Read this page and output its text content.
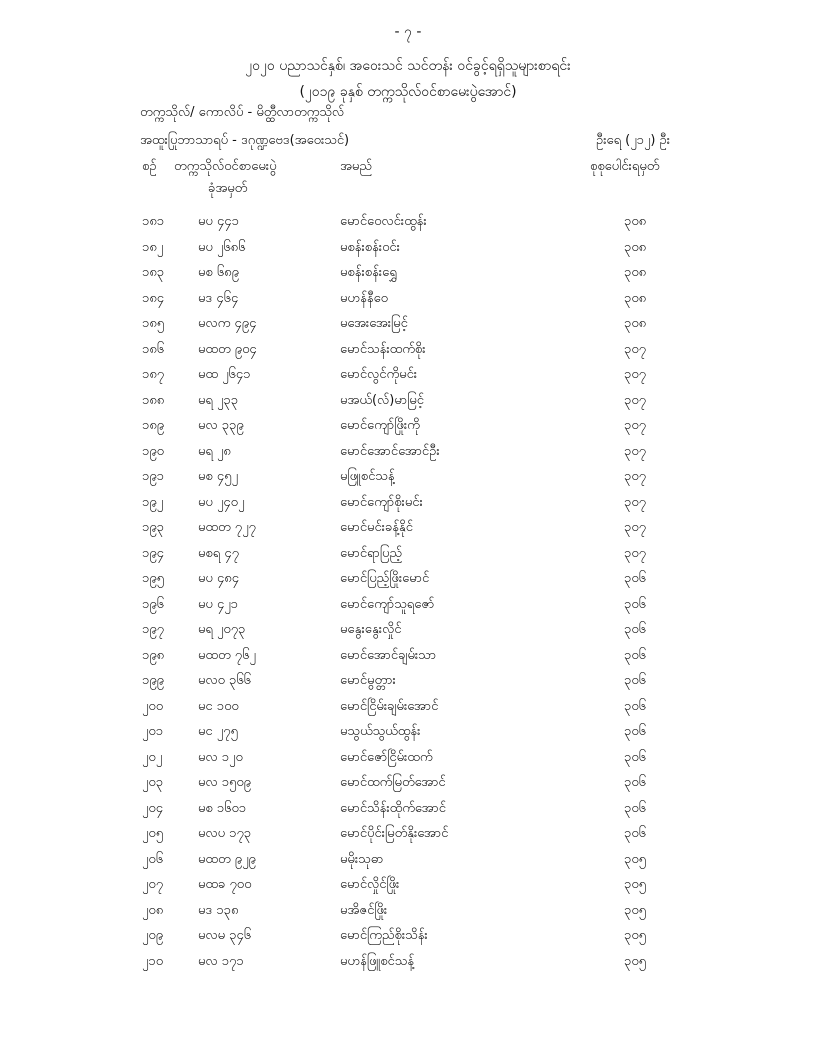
- ၇ -
၂၀၂၀ ပညာသင်နှစ်၊ အဝေးသင် သင်တန်း ဝင်ခွင့်ရရှိသူများစာရင်း
(၂၀၁၉ ခုနှစ် တက္ကသိုလ်ဝင်စာမေးပွဲအောင်)
တက္ကသိုလ်/ ကောလိပ် - မိတ္ထီလာတက္ကသိုလ်
အထူးပြုဘာသာရပ် - ဒဂုဏ္ဍဗေဒ(အဝေးသင်)	ဦးရေ (၂၁၂) ဦး
စဉ် တက္ကသိုလ်ဝင်စာမေးပွဲ
ခုံအမှတ်
အမည်	စုစုပေါင်းရမှတ်
၁၈၁	မပ ၄၄၁	မောင်ဝေလင်းထွန်း	၃၀၈
၁၈၂	မပ ၂၆၈၆	မစန်းစန်းဝင်း	၃၀၈
၁၈၃	မစ ၆၈၉	မစန်းစန်းရွှေ	၃၀၈
၁၈၄	မဒ ၄၆၄	မဟန်နီဝေ	၃၀၈
၁၈၅	မလက ၄၉၄	မအေးအေးမြင့်	၃၀၈
၁၈၆	မထတ ၉၀၄	မောင်သန်းထက်စိုး	၃၀၇
၁၈၇	မထ ၂၆၄၁	မောင်လွင်ကိုမင်း	၃၀၇
၁၈၈	မရ ၂၃၃	မအယ်(လ်)မာမြင့်	၃၀၇
၁၈၉	မလ ၃၃၉	မောင်ကျော်ဖြိုးကို	၃၀၇
၁၉၀	မရ ၂၈	မောင်အောင်အောင်ဦး	၃၀၇
၁၉၁	မစ ၄၅၂	မဖြူစင်သန့်	၃၀၇
၁၉၂	မပ ၂၄၀၂	မောင်ကျော်စိုးမင်း	၃၀၇
၁၉၃	မထတ ၇၂၇	မောင်မင်းခန့်နိုင်	၃၀၇
၁၉၄	မစရ ၄၇	မောင်ရာပြည့်	၃၀၇
၁၉၅	မပ ၄၈၄	မောင်ပြည့်ဖြိုးမောင်	၃၀၆
၁၉၆	မပ ၄၂၁	မောင်ကျော်သူရဇော်	၃၀၆
၁၉၇	မရ ၂၀၇၃	မနွေးနွေးလှိုင်	၃၀၆
၁၉၈	မထတ ၇၆၂	မောင်အောင်ချမ်းသာ	၃၀၆
၁၉၉	မလဝ ၃၆၆	မောင်မွတ္တား	၃၀၆
၂၀၀	မင ၁၀၀	မောင်ငြိမ်းချမ်းအောင်	၃၀၆
၂၀၁	မင ၂၇၅	မသွယ်သွယ်ထွန်း	၃၀၆
၂၀၂	မလ ၁၂၀	မောင်ဇော်ငြိမ်းထက်	၃၀၆
၂၀၃	မလ ၁၅၀၉	မောင်ထက်မြတ်အောင်	၃၀၆
၂၀၄	မစ ၁၆၀၁	မောင်သိန်းထိုက်အောင်	၃၀၆
၂၀၅	မလပ ၁၇၃	မောင်ပိုင်းမြတ်နိုးအောင်	၃၀၆
၂၀၆	မထတ ၉၂၉	မမိုးသုဓာ	၃၀၅
၂၀၇	မထခ ၇၀၀	မောင်လှိုင်ဖြိုး	၃၀၅
၂၀၈	မဒ ၁၃၈	မအိဇင်ဖြိုး	၃၀၅
၂၀၉	မလမ ၃၄၆	မောင်ကြည်စိုးသိန်း	၃၀၅
၂၁၀	မလ ၁၇၁	မဟန်ဖြူစင်သန့်	၃၀၅
